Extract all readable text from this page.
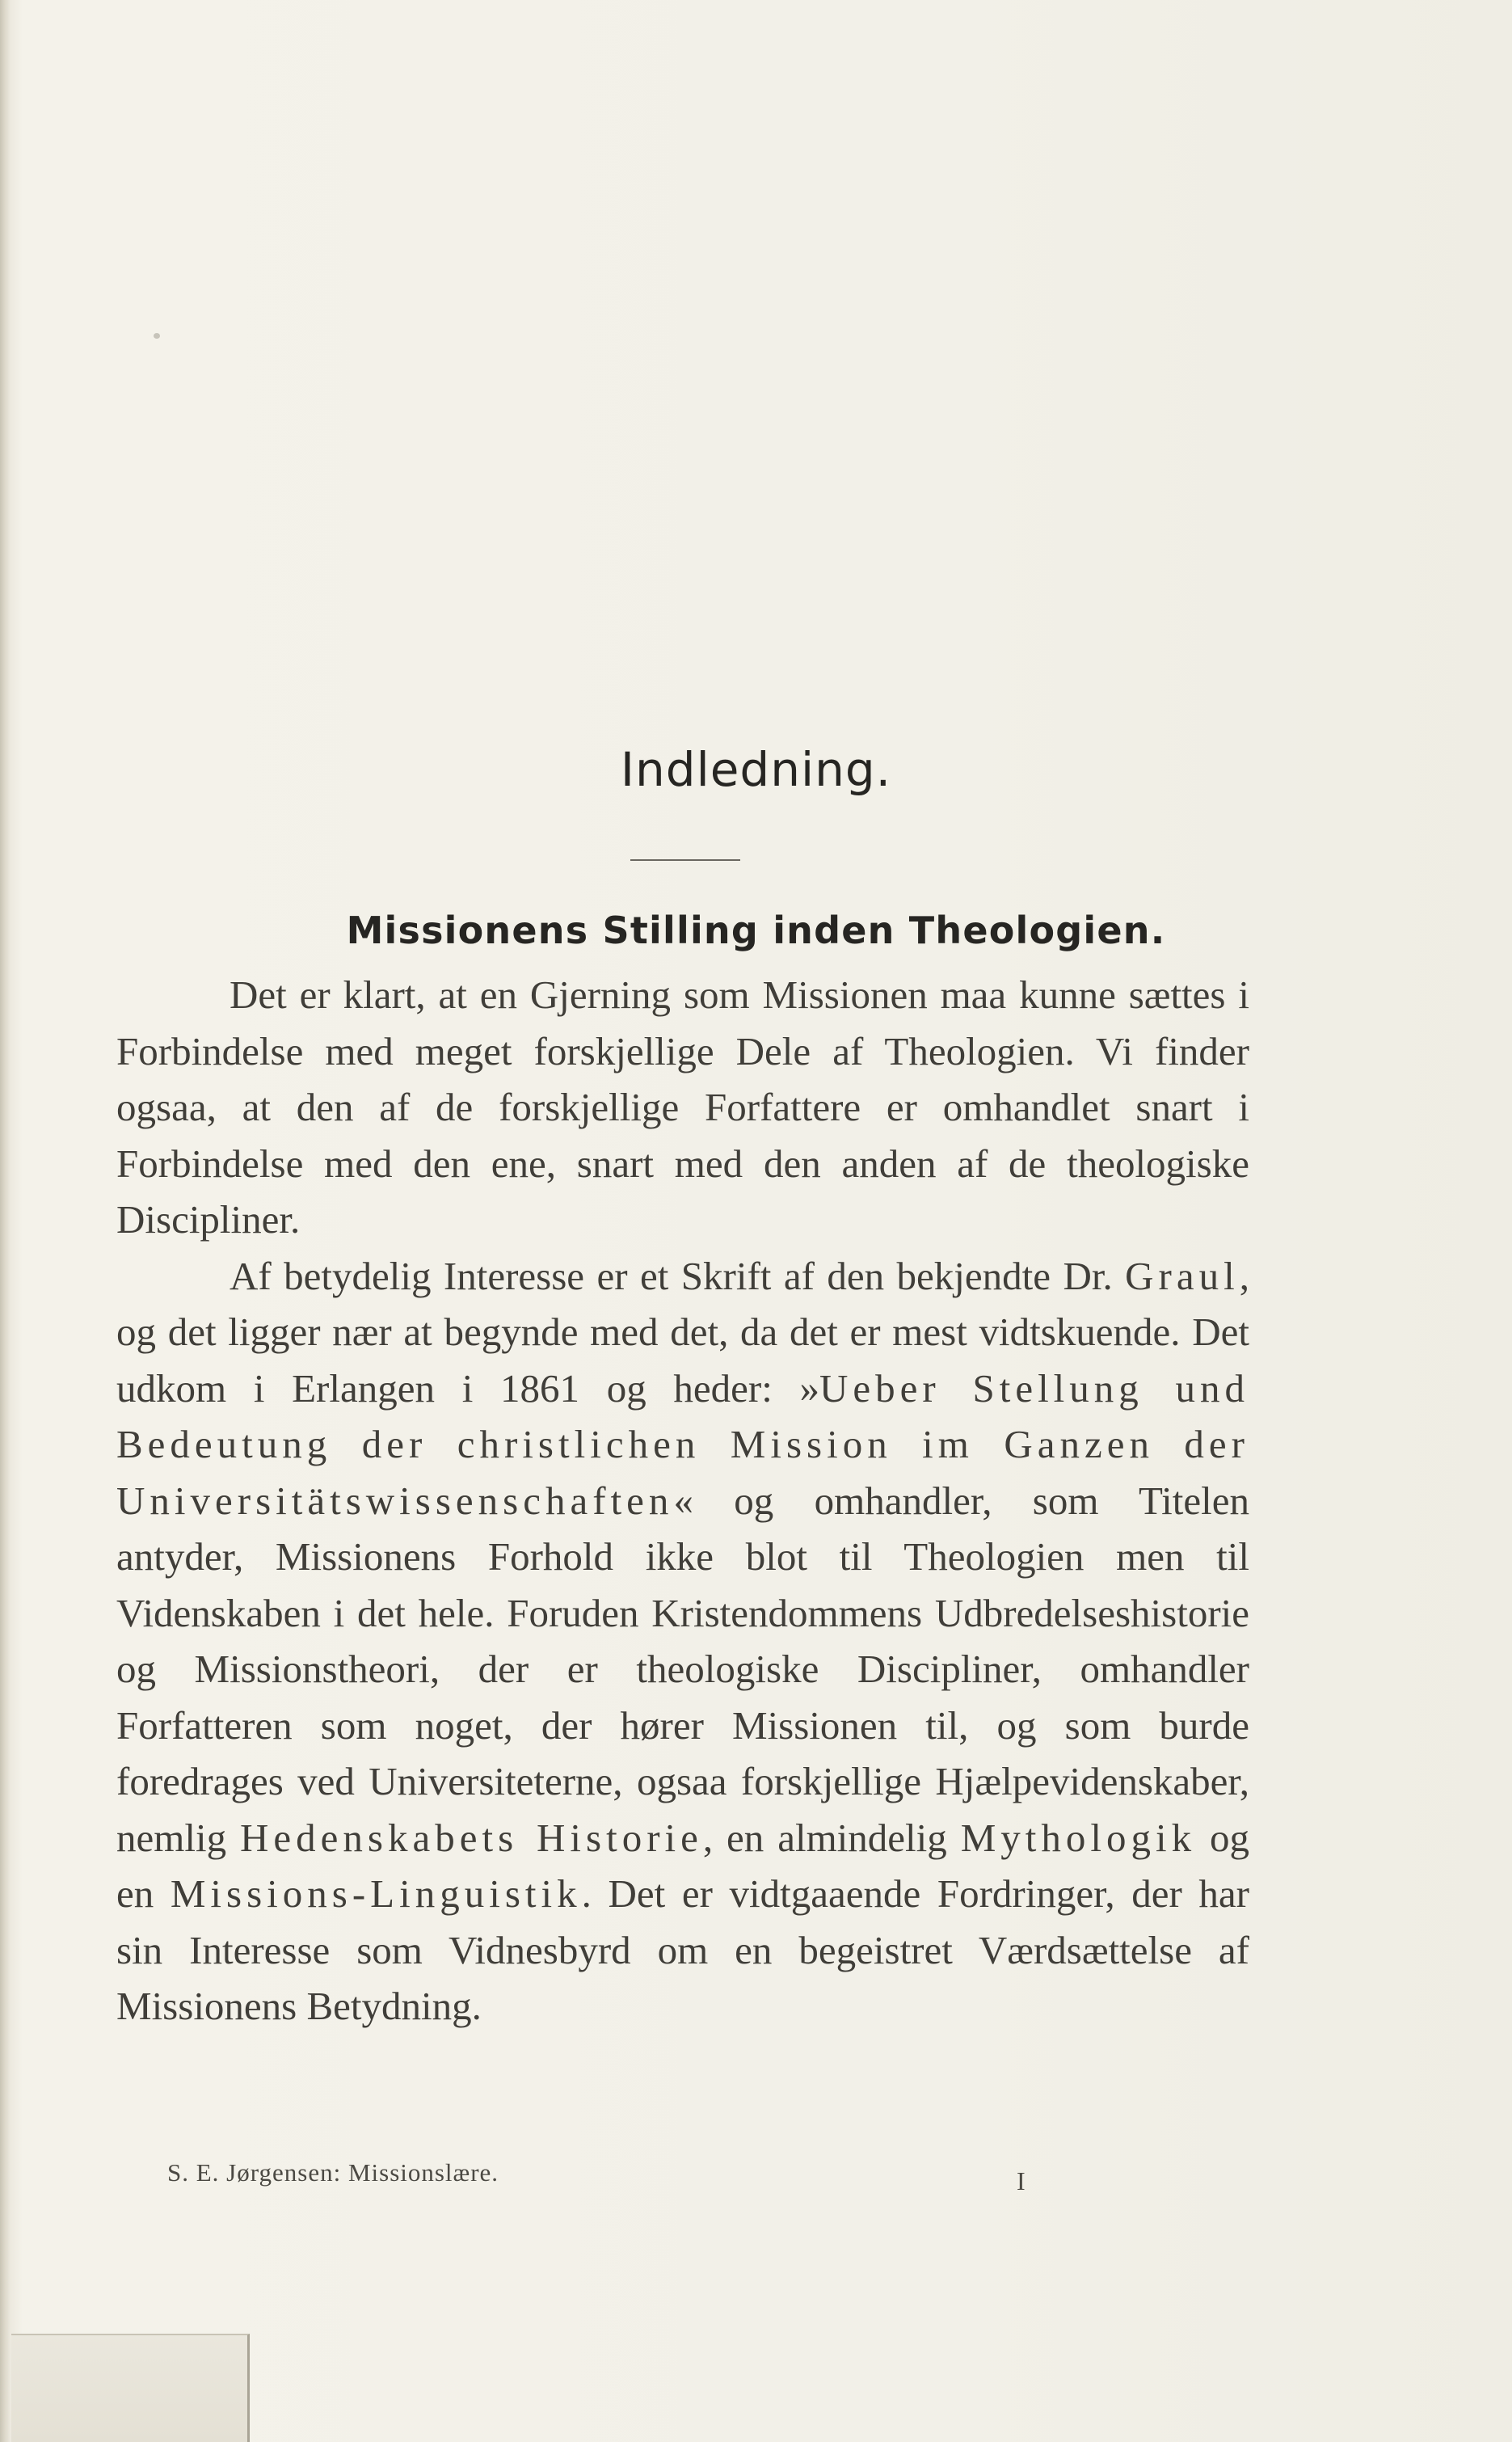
Indledning.
Missionens Stilling inden Theologien.

Det er klart, at en Gjerning som Missionen maa kunne sættes i Forbindelse med meget forskjellige Dele af Theologien. Vi finder ogsaa, at den af de forskjellige Forfattere er omhandlet snart i Forbindelse med den ene, snart med den anden af de theologiske Discipliner.

Af betydelig Interesse er et Skrift af den bekjendte Dr. Graul, og det ligger nær at begynde med det, da det er mest vidtskuende. Det udkom i Erlangen i 1861 og heder: »Ueber Stellung und Bedeutung der christlichen Mission im Ganzen der Universitätswissenschaften« og omhandler, som Titelen antyder, Missionens Forhold ikke blot til Theologien men til Videnskaben i det hele. Foruden Kristendommens Udbredelseshistorie og Missionstheori, der er theologiske Discipliner, omhandler Forfatteren som noget, der hører Missionen til, og som burde foredrages ved Universiteterne, ogsaa forskjellige Hjælpevidenskaber, nemlig Hedenskabets Historie, en almindelig Mythologik og en Missions-Linguistik. Det er vidtgaaende Fordringer, der har sin Interesse som Vidnesbyrd om en begeistret Værdsættelse af Missionens Betydning.

S. E. Jørgensen: Missionslære.	I
